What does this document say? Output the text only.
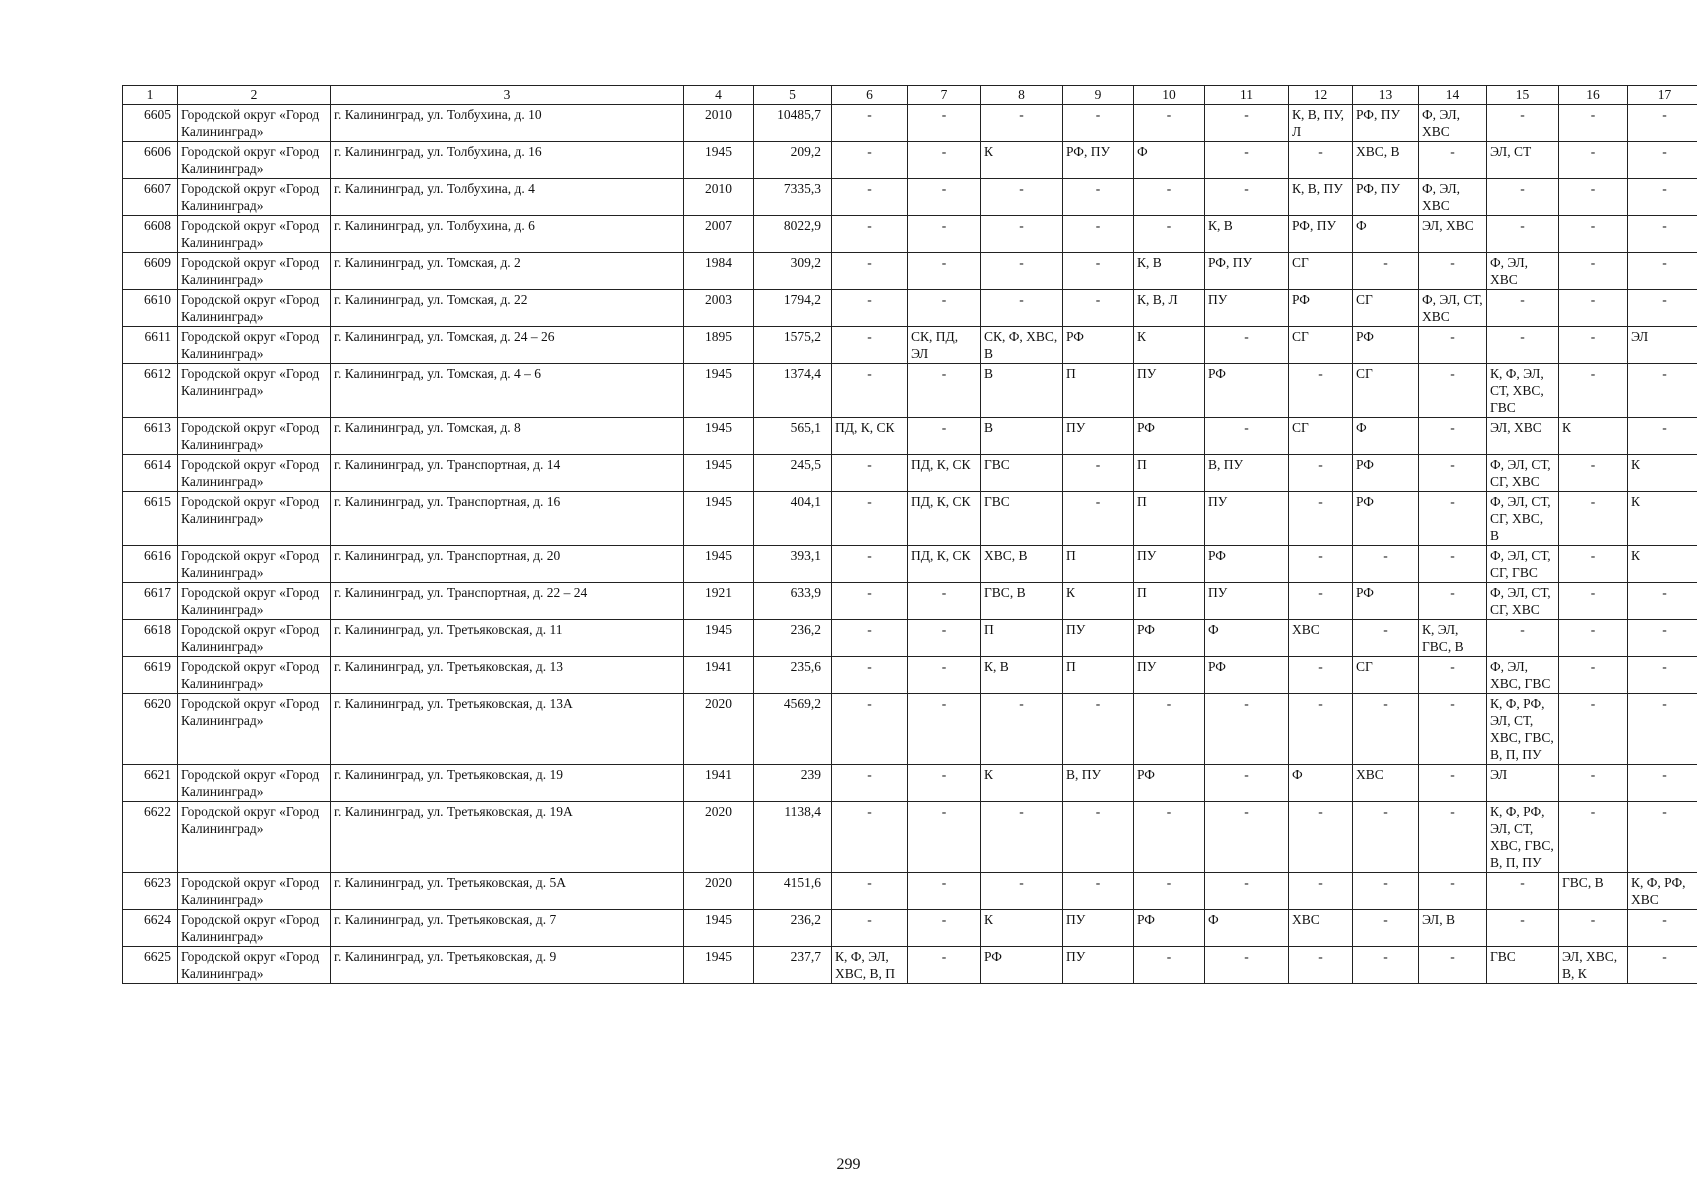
1	2	3	4	5	6	7	8	9	10	11	12	13	14	15	16	17
6605	Городской округ «Город Калининград»	г. Калининград, ул. Толбухина, д. 10	2010	10485,7	-	-	-	-	-	-	К, В, ПУ, Л	РФ, ПУ	Ф, ЭЛ, ХВС	-	-	-
6606	Городской округ «Город Калининград»	г. Калининград, ул. Толбухина, д. 16	1945	209,2	-	-	К	РФ, ПУ	Ф	-	-	ХВС, В	-	ЭЛ, СТ	-	-
6607	Городской округ «Город Калининград»	г. Калининград, ул. Толбухина, д. 4	2010	7335,3	-	-	-	-	-	-	К, В, ПУ	РФ, ПУ	Ф, ЭЛ, ХВС	-	-	-
6608	Городской округ «Город Калининград»	г. Калининград, ул. Толбухина, д. 6	2007	8022,9	-	-	-	-	-	К, В	РФ, ПУ	Ф	ЭЛ, ХВС	-	-	-
6609	Городской округ «Город Калининград»	г. Калининград, ул. Томская, д. 2	1984	309,2	-	-	-	-	К, В	РФ, ПУ	СГ	-	-	Ф, ЭЛ, ХВС	-	-
6610	Городской округ «Город Калининград»	г. Калининград, ул. Томская, д. 22	2003	1794,2	-	-	-	-	К, В, Л	ПУ	РФ	СГ	Ф, ЭЛ, СТ, ХВС	-	-	-
6611	Городской округ «Город Калининград»	г. Калининград, ул. Томская, д. 24 – 26	1895	1575,2	-	СК, ПД, ЭЛ	СК, Ф, ХВС, В	РФ	К	-	СГ	РФ	-	-	-	ЭЛ
6612	Городской округ «Город Калининград»	г. Калининград, ул. Томская, д. 4 – 6	1945	1374,4	-	-	В	П	ПУ	РФ	-	СГ	-	К, Ф, ЭЛ, СТ, ХВС, ГВС	-	-
6613	Городской округ «Город Калининград»	г. Калининград, ул. Томская, д. 8	1945	565,1	ПД, К, СК	-	В	ПУ	РФ	-	СГ	Ф	-	ЭЛ, ХВС	К	-
6614	Городской округ «Город Калининград»	г. Калининград, ул. Транспортная, д. 14	1945	245,5	-	ПД, К, СК	ГВС	-	П	В, ПУ	-	РФ	-	Ф, ЭЛ, СТ, СГ, ХВС	-	К
6615	Городской округ «Город Калининград»	г. Калининград, ул. Транспортная, д. 16	1945	404,1	-	ПД, К, СК	ГВС	-	П	ПУ	-	РФ	-	Ф, ЭЛ, СТ, СГ, ХВС, В	-	К
6616	Городской округ «Город Калининград»	г. Калининград, ул. Транспортная, д. 20	1945	393,1	-	ПД, К, СК	ХВС, В	П	ПУ	РФ	-	-	-	Ф, ЭЛ, СТ, СГ, ГВС	-	К
6617	Городской округ «Город Калининград»	г. Калининград, ул. Транспортная, д. 22 – 24	1921	633,9	-	-	ГВС, В	К	П	ПУ	-	РФ	-	Ф, ЭЛ, СТ, СГ, ХВС	-	-
6618	Городской округ «Город Калининград»	г. Калининград, ул. Третьяковская, д. 11	1945	236,2	-	-	П	ПУ	РФ	Ф	ХВС	-	К, ЭЛ, ГВС, В	-	-	-
6619	Городской округ «Город Калининград»	г. Калининград, ул. Третьяковская, д. 13	1941	235,6	-	-	К, В	П	ПУ	РФ	-	СГ	-	Ф, ЭЛ, ХВС, ГВС	-	-
6620	Городской округ «Город Калининград»	г. Калининград, ул. Третьяковская, д. 13А	2020	4569,2	-	-	-	-	-	-	-	-	-	К, Ф, РФ, ЭЛ, СТ, ХВС, ГВС, В, П, ПУ	-	-
6621	Городской округ «Город Калининград»	г. Калининград, ул. Третьяковская, д. 19	1941	239	-	-	К	В, ПУ	РФ	-	Ф	ХВС	-	ЭЛ	-	-
6622	Городской округ «Город Калининград»	г. Калининград, ул. Третьяковская, д. 19А	2020	1138,4	-	-	-	-	-	-	-	-	-	К, Ф, РФ, ЭЛ, СТ, ХВС, ГВС, В, П, ПУ	-	-
6623	Городской округ «Город Калининград»	г. Калининград, ул. Третьяковская, д. 5А	2020	4151,6	-	-	-	-	-	-	-	-	-	-	ГВС, В	К, Ф, РФ, ХВС
6624	Городской округ «Город Калининград»	г. Калининград, ул. Третьяковская, д. 7	1945	236,2	-	-	К	ПУ	РФ	Ф	ХВС	-	ЭЛ, В	-	-	-
6625	Городской округ «Город Калининград»	г. Калининград, ул. Третьяковская, д. 9	1945	237,7	К, Ф, ЭЛ, ХВС, В, П	-	РФ	ПУ	-	-	-	-	-	ГВС	ЭЛ, ХВС, В, К	-
299
